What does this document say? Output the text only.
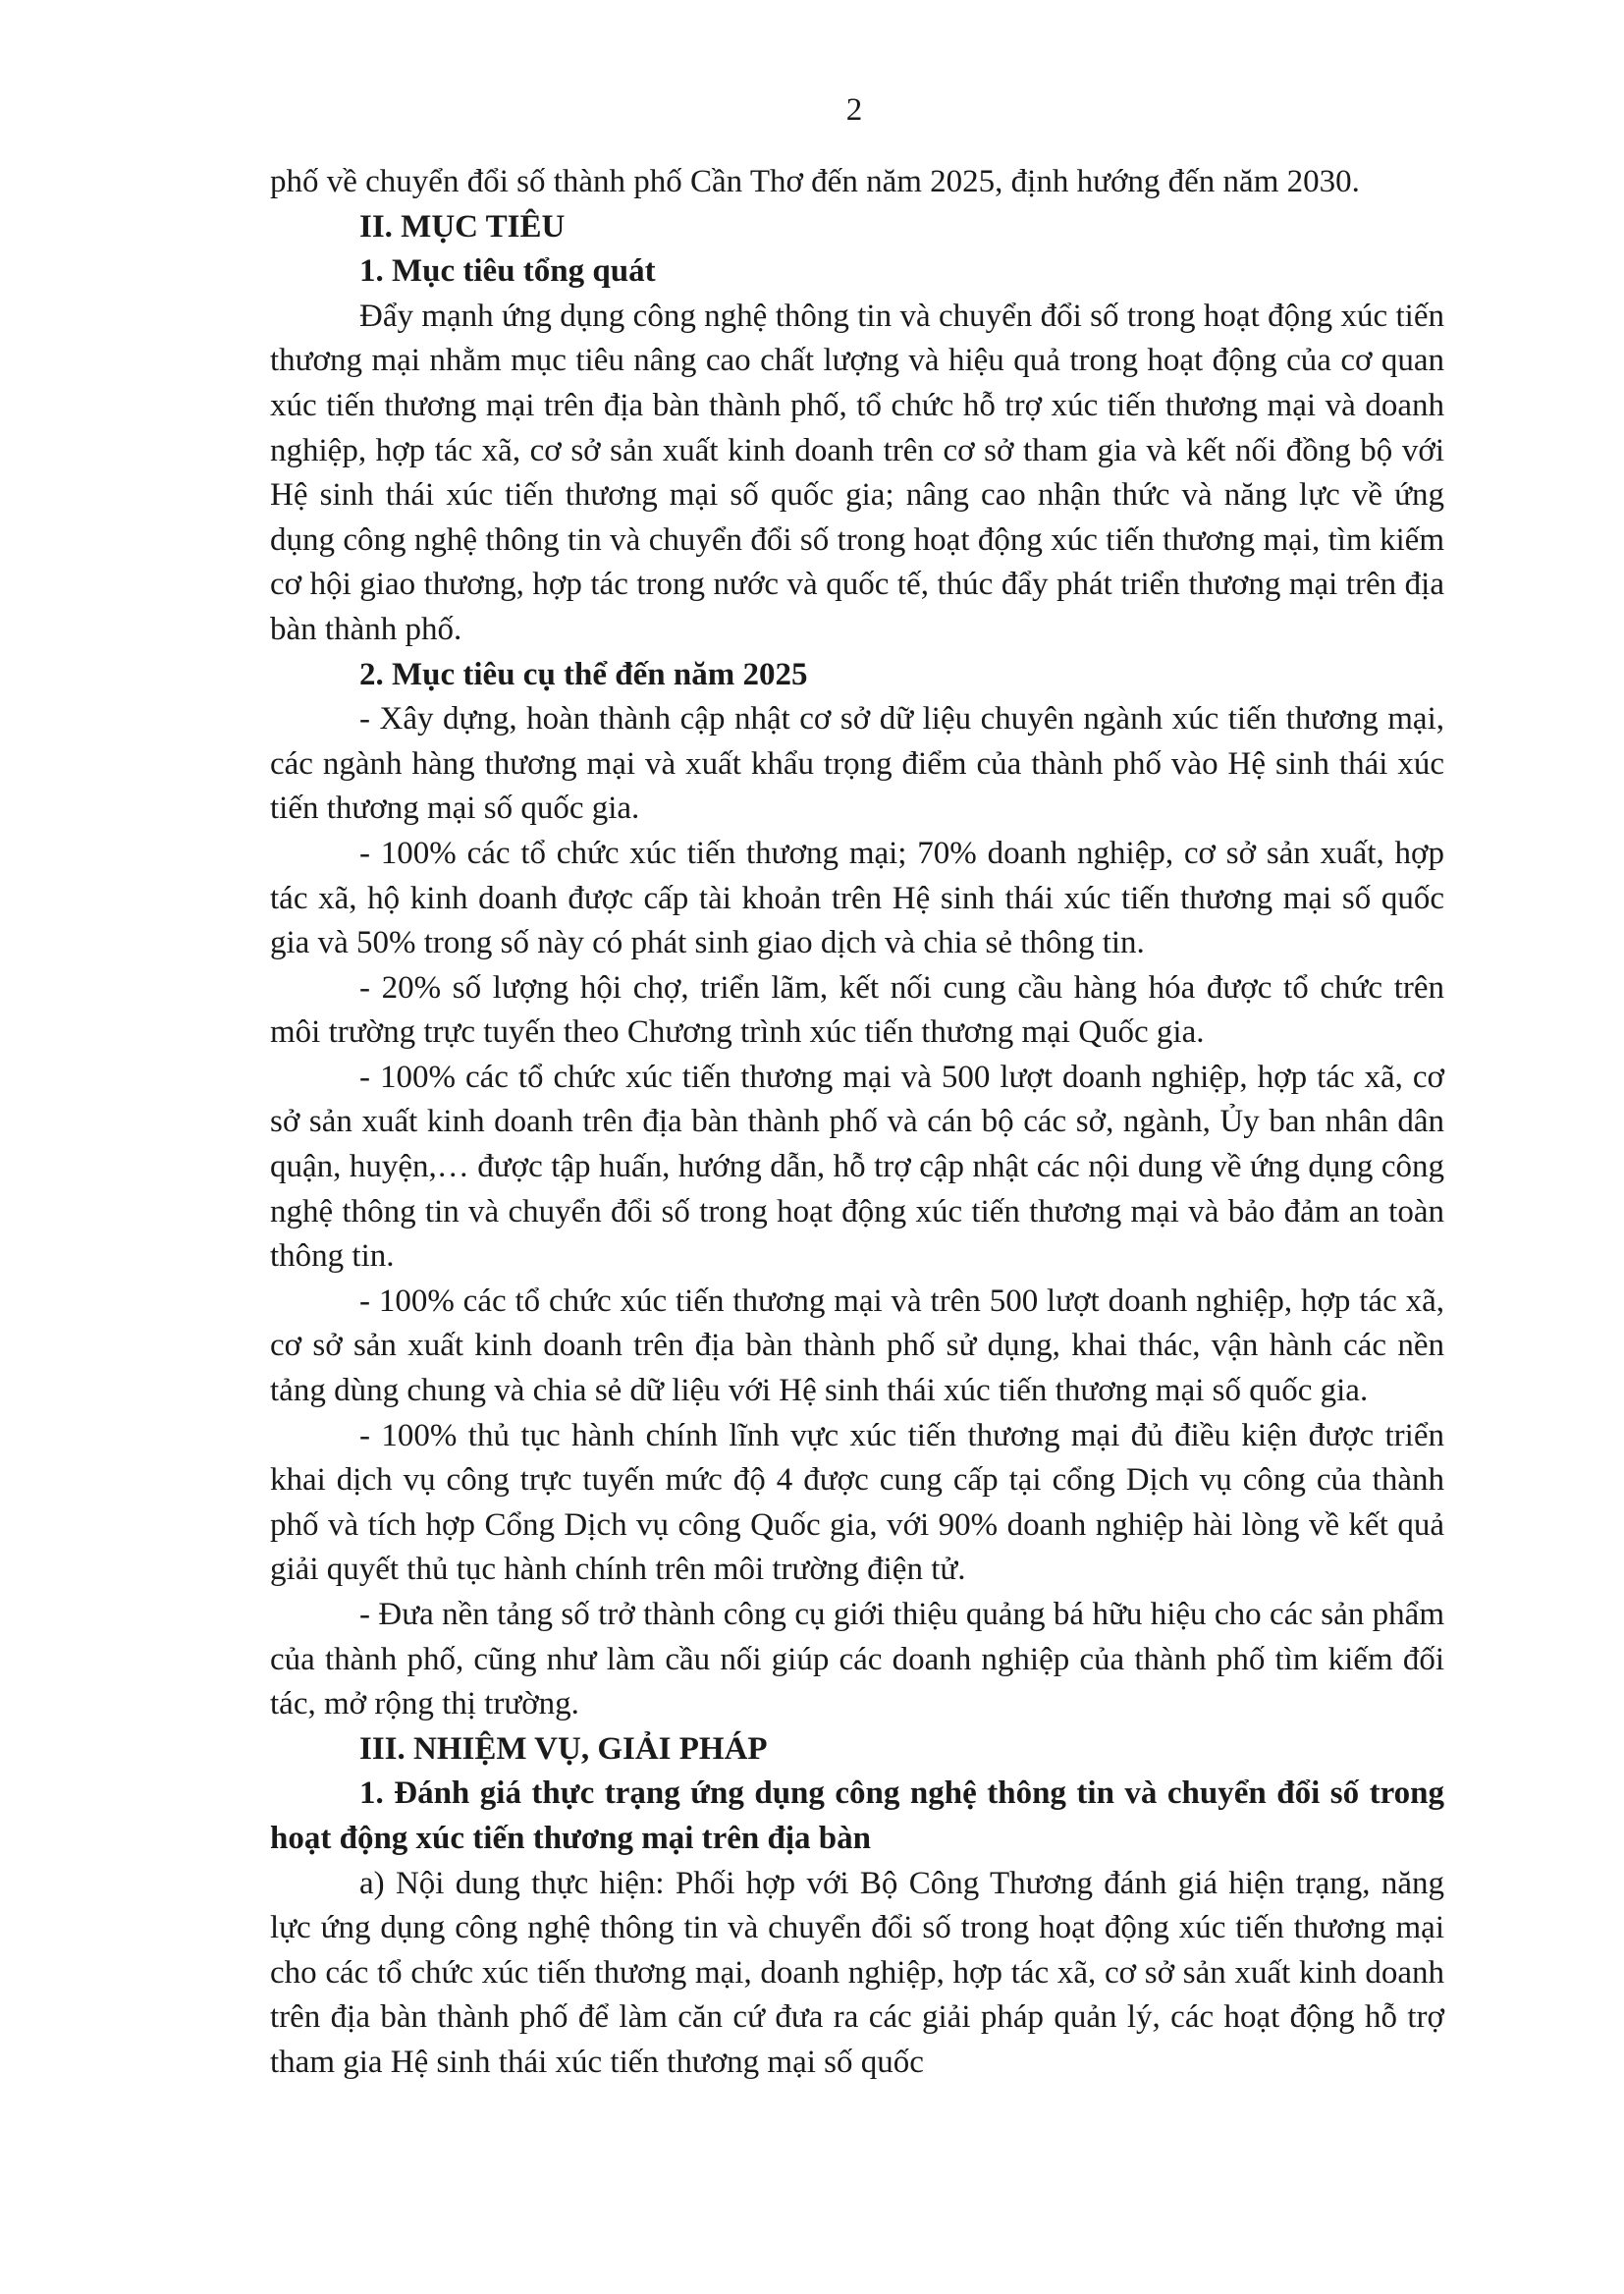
2

phố về chuyển đổi số thành phố Cần Thơ đến năm 2025, định hướng đến năm 2030.

II. MỤC TIÊU

1. Mục tiêu tổng quát

Đẩy mạnh ứng dụng công nghệ thông tin và chuyển đổi số trong hoạt động xúc tiến thương mại nhằm mục tiêu nâng cao chất lượng và hiệu quả trong hoạt động của cơ quan xúc tiến thương mại trên địa bàn thành phố, tổ chức hỗ trợ xúc tiến thương mại và doanh nghiệp, hợp tác xã, cơ sở sản xuất kinh doanh trên cơ sở tham gia và kết nối đồng bộ với Hệ sinh thái xúc tiến thương mại số quốc gia; nâng cao nhận thức và năng lực về ứng dụng công nghệ thông tin và chuyển đổi số trong hoạt động xúc tiến thương mại, tìm kiếm cơ hội giao thương, hợp tác trong nước và quốc tế, thúc đẩy phát triển thương mại trên địa bàn thành phố.

2. Mục tiêu cụ thể đến năm 2025

- Xây dựng, hoàn thành cập nhật cơ sở dữ liệu chuyên ngành xúc tiến thương mại, các ngành hàng thương mại và xuất khẩu trọng điểm của thành phố vào Hệ sinh thái xúc tiến thương mại số quốc gia.

- 100% các tổ chức xúc tiến thương mại; 70% doanh nghiệp, cơ sở sản xuất, hợp tác xã, hộ kinh doanh được cấp tài khoản trên Hệ sinh thái xúc tiến thương mại số quốc gia và 50% trong số này có phát sinh giao dịch và chia sẻ thông tin.

- 20% số lượng hội chợ, triển lãm, kết nối cung cầu hàng hóa được tổ chức trên môi trường trực tuyến theo Chương trình xúc tiến thương mại Quốc gia.

- 100% các tổ chức xúc tiến thương mại và 500 lượt doanh nghiệp, hợp tác xã, cơ sở sản xuất kinh doanh trên địa bàn thành phố và cán bộ các sở, ngành, Ủy ban nhân dân quận, huyện,… được tập huấn, hướng dẫn, hỗ trợ cập nhật các nội dung về ứng dụng công nghệ thông tin và chuyển đổi số trong hoạt động xúc tiến thương mại và bảo đảm an toàn thông tin.

- 100% các tổ chức xúc tiến thương mại và trên 500 lượt doanh nghiệp, hợp tác xã, cơ sở sản xuất kinh doanh trên địa bàn thành phố sử dụng, khai thác, vận hành các nền tảng dùng chung và chia sẻ dữ liệu với Hệ sinh thái xúc tiến thương mại số quốc gia.

- 100% thủ tục hành chính lĩnh vực xúc tiến thương mại đủ điều kiện được triển khai dịch vụ công trực tuyến mức độ 4 được cung cấp tại cổng Dịch vụ công của thành phố và tích hợp Cổng Dịch vụ công Quốc gia, với 90% doanh nghiệp hài lòng về kết quả giải quyết thủ tục hành chính trên môi trường điện tử.

- Đưa nền tảng số trở thành công cụ giới thiệu quảng bá hữu hiệu cho các sản phẩm của thành phố, cũng như làm cầu nối giúp các doanh nghiệp của thành phố tìm kiếm đối tác, mở rộng thị trường.

III. NHIỆM VỤ, GIẢI PHÁP

1. Đánh giá thực trạng ứng dụng công nghệ thông tin và chuyển đổi số trong hoạt động xúc tiến thương mại trên địa bàn

a) Nội dung thực hiện: Phối hợp với Bộ Công Thương đánh giá hiện trạng, năng lực ứng dụng công nghệ thông tin và chuyển đổi số trong hoạt động xúc tiến thương mại cho các tổ chức xúc tiến thương mại, doanh nghiệp, hợp tác xã, cơ sở sản xuất kinh doanh trên địa bàn thành phố để làm căn cứ đưa ra các giải pháp quản lý, các hoạt động hỗ trợ tham gia Hệ sinh thái xúc tiến thương mại số quốc
